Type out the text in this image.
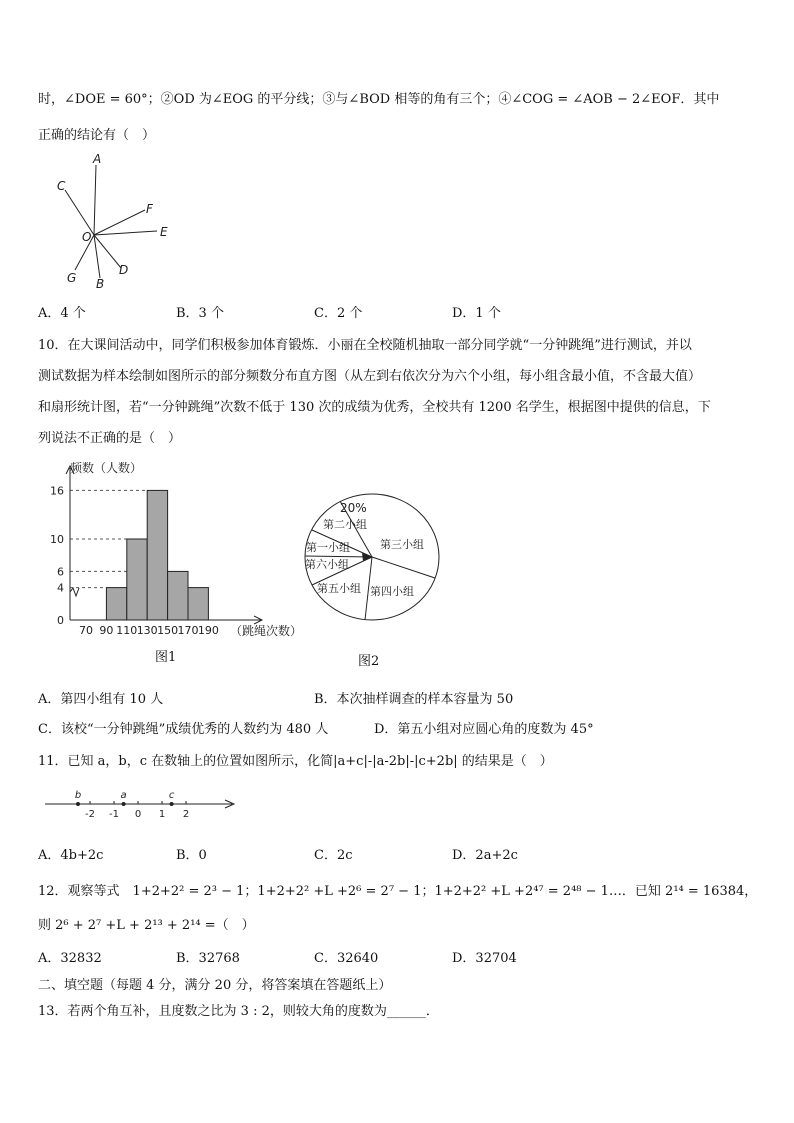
时，∠DOE = 60°；②OD 为∠EOG 的平分线；③与∠BOD 相等的角有三个；④∠COG = ∠AOB − 2∠EOF．其中
正确的结论有（　）
A
C
F
O	E
G
D
B
A．4 个	B．3 个	C．2 个	D．1 个
10．在大课间活动中，同学们积极参加体育锻炼．小丽在全校随机抽取一部分同学就“一分钟跳绳”进行测试，并以
测试数据为样本绘制如图所示的部分频数分布直方图（从左到右依次分为六个小组，每小组含最小值，不含最大值）
和扇形统计图，若“一分钟跳绳”次数不低于 130 次的成绩为优秀，全校共有 1200 名学生，根据图中提供的信息，下
列说法不正确的是（　）
0
4
6
10
16
70 90 110 130 150 170 190
频数（人数）
（跳绳次数）
图1
20%
第二小组
第三小组
第一小组
第六小组
第五小组 第四小组
图2
A．第四小组有 10 人	B．本次抽样调查的样本容量为 50
C．该校“一分钟跳绳”成绩优秀的人数约为 480 人	D．第五小组对应圆心角的度数为 45°
11．已知 a，b，c 在数轴上的位置如图所示，化简|a+c|-|a-2b|-|c+2b| 的结果是（　）
-2 -1 0 1 2
b	a	c
A．4b+2c	B．0	C．2c	D．2a+2c
12．观察等式　1+2+2² = 2³ − 1；1+2+2² +L +2⁶ = 2⁷ − 1；1+2+2² +L +2⁴⁷ = 2⁴⁸ − 1…．已知 2¹⁴ = 16384，
则 2⁶ + 2⁷ +L + 2¹³ + 2¹⁴ =（　）
A．32832	B．32768	C．32640	D．32704
二、填空题（每题 4 分，满分 20 分，将答案填在答题纸上）
13．若两个角互补，且度数之比为 3 : 2，则较大角的度数为______．
